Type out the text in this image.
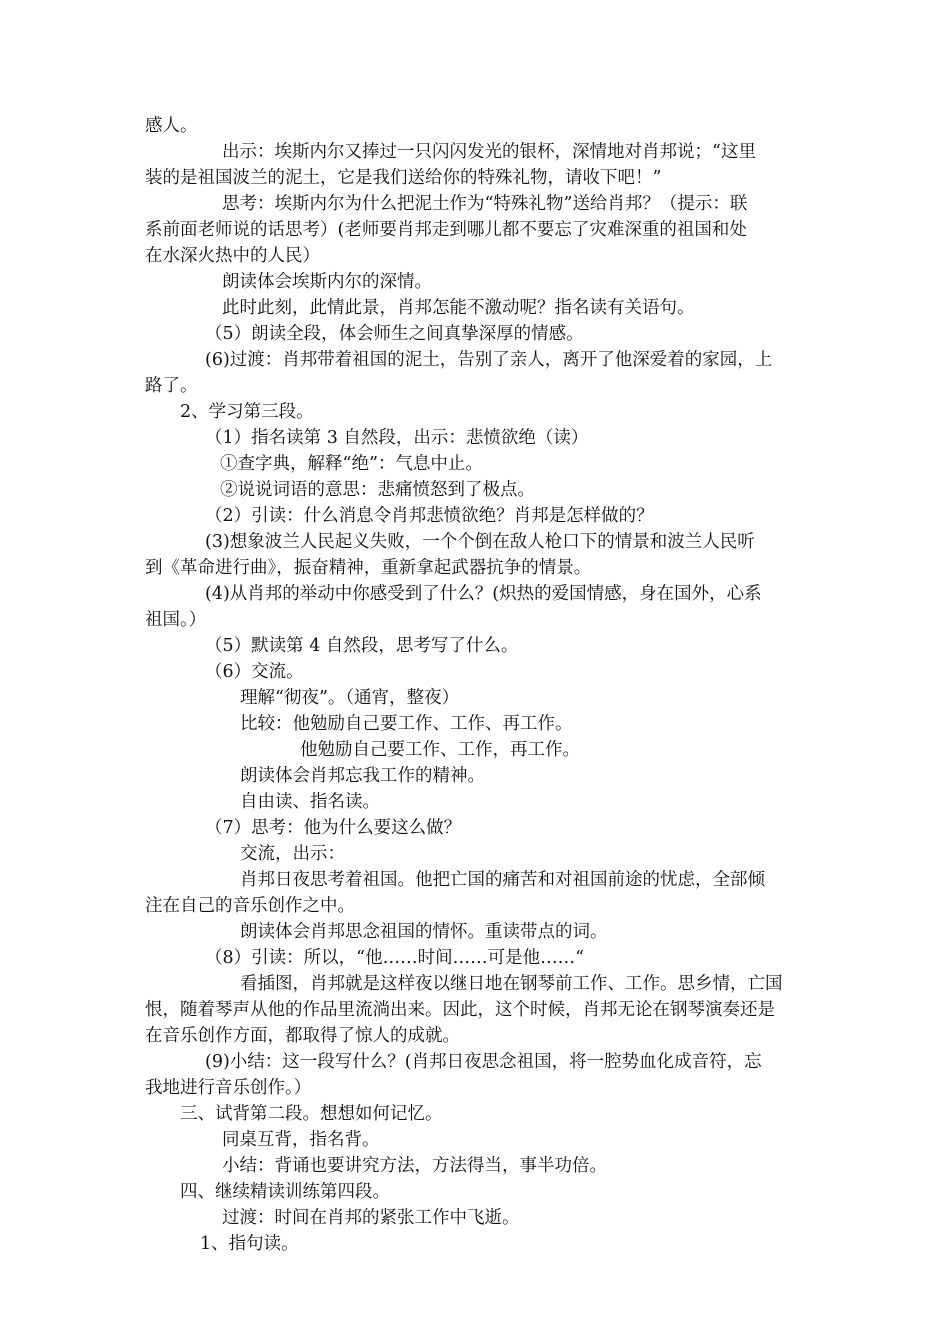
感人。
出示：埃斯内尔又捧过一只闪闪发光的银杯，深情地对肖邦说；“这里
装的是祖国波兰的泥土，它是我们送给你的特殊礼物，请收下吧！”
思考：埃斯内尔为什么把泥土作为“特殊礼物”送给肖邦？（提示：联
系前面老师说的话思考）(老师要肖邦走到哪儿都不要忘了灾难深重的祖国和处
在水深火热中的人民）
朗读体会埃斯内尔的深情。
此时此刻，此情此景，肖邦怎能不激动呢？指名读有关语句。
（5）朗读全段，体会师生之间真挚深厚的情感。
(6)过渡：肖邦带着祖国的泥土，告别了亲人，离开了他深爱着的家园，上
路了。
2、学习第三段。
（1）指名读第 3 自然段，出示：悲愤欲绝（读）
①查字典，解释“绝”：气息中止。
②说说词语的意思：悲痛愤怒到了极点。
（2）引读：什么消息令肖邦悲愤欲绝？肖邦是怎样做的？
(3)想象波兰人民起义失败，一个个倒在敌人枪口下的情景和波兰人民听
到《革命进行曲》，振奋精神，重新拿起武器抗争的情景。
(4)从肖邦的举动中你感受到了什么？(炽热的爱国情感，身在国外，心系
祖国。）
（5）默读第 4 自然段，思考写了什么。
（6）交流。
理解“彻夜”。（通宵，整夜）
比较：他勉励自己要工作、工作、再工作。
他勉励自己要工作、工作，再工作。
朗读体会肖邦忘我工作的精神。
自由读、指名读。
（7）思考：他为什么要这么做？
交流，出示：
肖邦日夜思考着祖国。他把亡国的痛苦和对祖国前途的忧虑，全部倾
注在自己的音乐创作之中。
朗读体会肖邦思念祖国的情怀。重读带点的词。
（8）引读：所以，“他……时间……可是他……“
看插图，肖邦就是这样夜以继日地在钢琴前工作、工作。思乡情，亡国
恨，随着琴声从他的作品里流淌出来。因此，这个时候，肖邦无论在钢琴演奏还是
在音乐创作方面，都取得了惊人的成就。
(9)小结：这一段写什么？(肖邦日夜思念祖国，将一腔势血化成音符，忘
我地进行音乐创作。）
三、试背第二段。想想如何记忆。
同桌互背，指名背。
小结：背诵也要讲究方法，方法得当，事半功倍。
四、继续精读训练第四段。
过渡：时间在肖邦的紧张工作中飞逝。
1、指句读。
